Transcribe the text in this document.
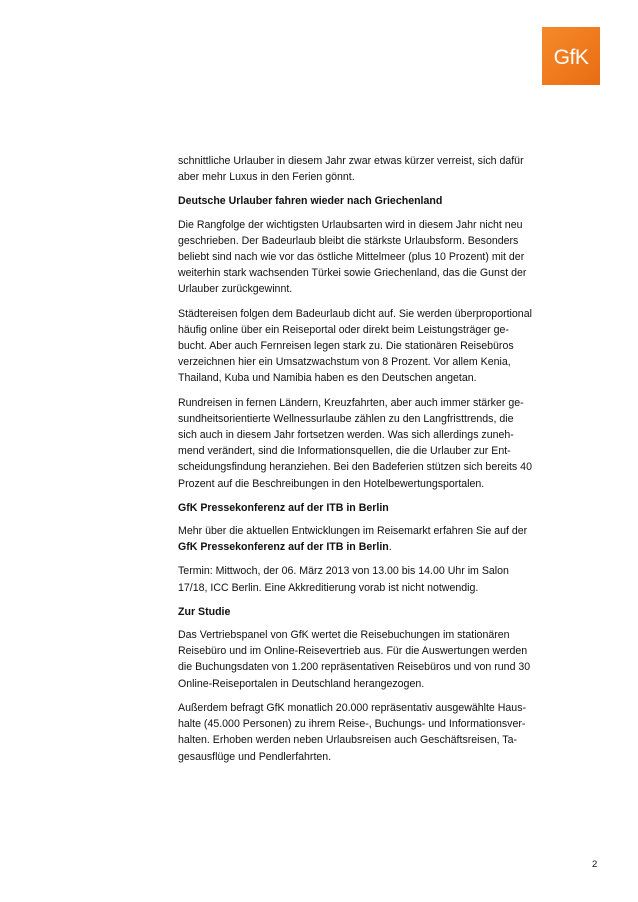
GfK

schnittliche Urlauber in diesem Jahr zwar etwas kürzer verreist, sich dafür
aber mehr Luxus in den Ferien gönnt.

Deutsche Urlauber fahren wieder nach Griechenland

Die Rangfolge der wichtigsten Urlaubsarten wird in diesem Jahr nicht neu
geschrieben. Der Badeurlaub bleibt die stärkste Urlaubsform. Besonders
beliebt sind nach wie vor das östliche Mittelmeer (plus 10 Prozent) mit der
weiterhin stark wachsenden Türkei sowie Griechenland, das die Gunst der
Urlauber zurückgewinnt.

Städtereisen folgen dem Badeurlaub dicht auf. Sie werden überproportional
häufig online über ein Reiseportal oder direkt beim Leistungsträger ge-
bucht. Aber auch Fernreisen legen stark zu. Die stationären Reisebüros
verzeichnen hier ein Umsatzwachstum von 8 Prozent. Vor allem Kenia,
Thailand, Kuba und Namibia haben es den Deutschen angetan.

Rundreisen in fernen Ländern, Kreuzfahrten, aber auch immer stärker ge-
sundheitsorientierte Wellnessurlaube zählen zu den Langfristtrends, die
sich auch in diesem Jahr fortsetzen werden. Was sich allerdings zuneh-
mend verändert, sind die Informationsquellen, die die Urlauber zur Ent-
scheidungsfindung heranziehen. Bei den Badeferien stützen sich bereits 40
Prozent auf die Beschreibungen in den Hotelbewertungsportalen.

GfK Pressekonferenz auf der ITB in Berlin

Mehr über die aktuellen Entwicklungen im Reisemarkt erfahren Sie auf der
GfK Pressekonferenz auf der ITB in Berlin.

Termin: Mittwoch, der 06. März 2013 von 13.00 bis 14.00 Uhr im Salon
17/18, ICC Berlin. Eine Akkreditierung vorab ist nicht notwendig.

Zur Studie

Das Vertriebspanel von GfK wertet die Reisebuchungen im stationären
Reisebüro und im Online-Reisevertrieb aus. Für die Auswertungen werden
die Buchungsdaten von 1.200 repräsentativen Reisebüros und von rund 30
Online-Reiseportalen in Deutschland herangezogen.

Außerdem befragt GfK monatlich 20.000 repräsentativ ausgewählte Haus-
halte (45.000 Personen) zu ihrem Reise-, Buchungs- und Informationsver-
halten. Erhoben werden neben Urlaubsreisen auch Geschäftsreisen, Ta-
gesausflüge und Pendlerfahrten.

2
